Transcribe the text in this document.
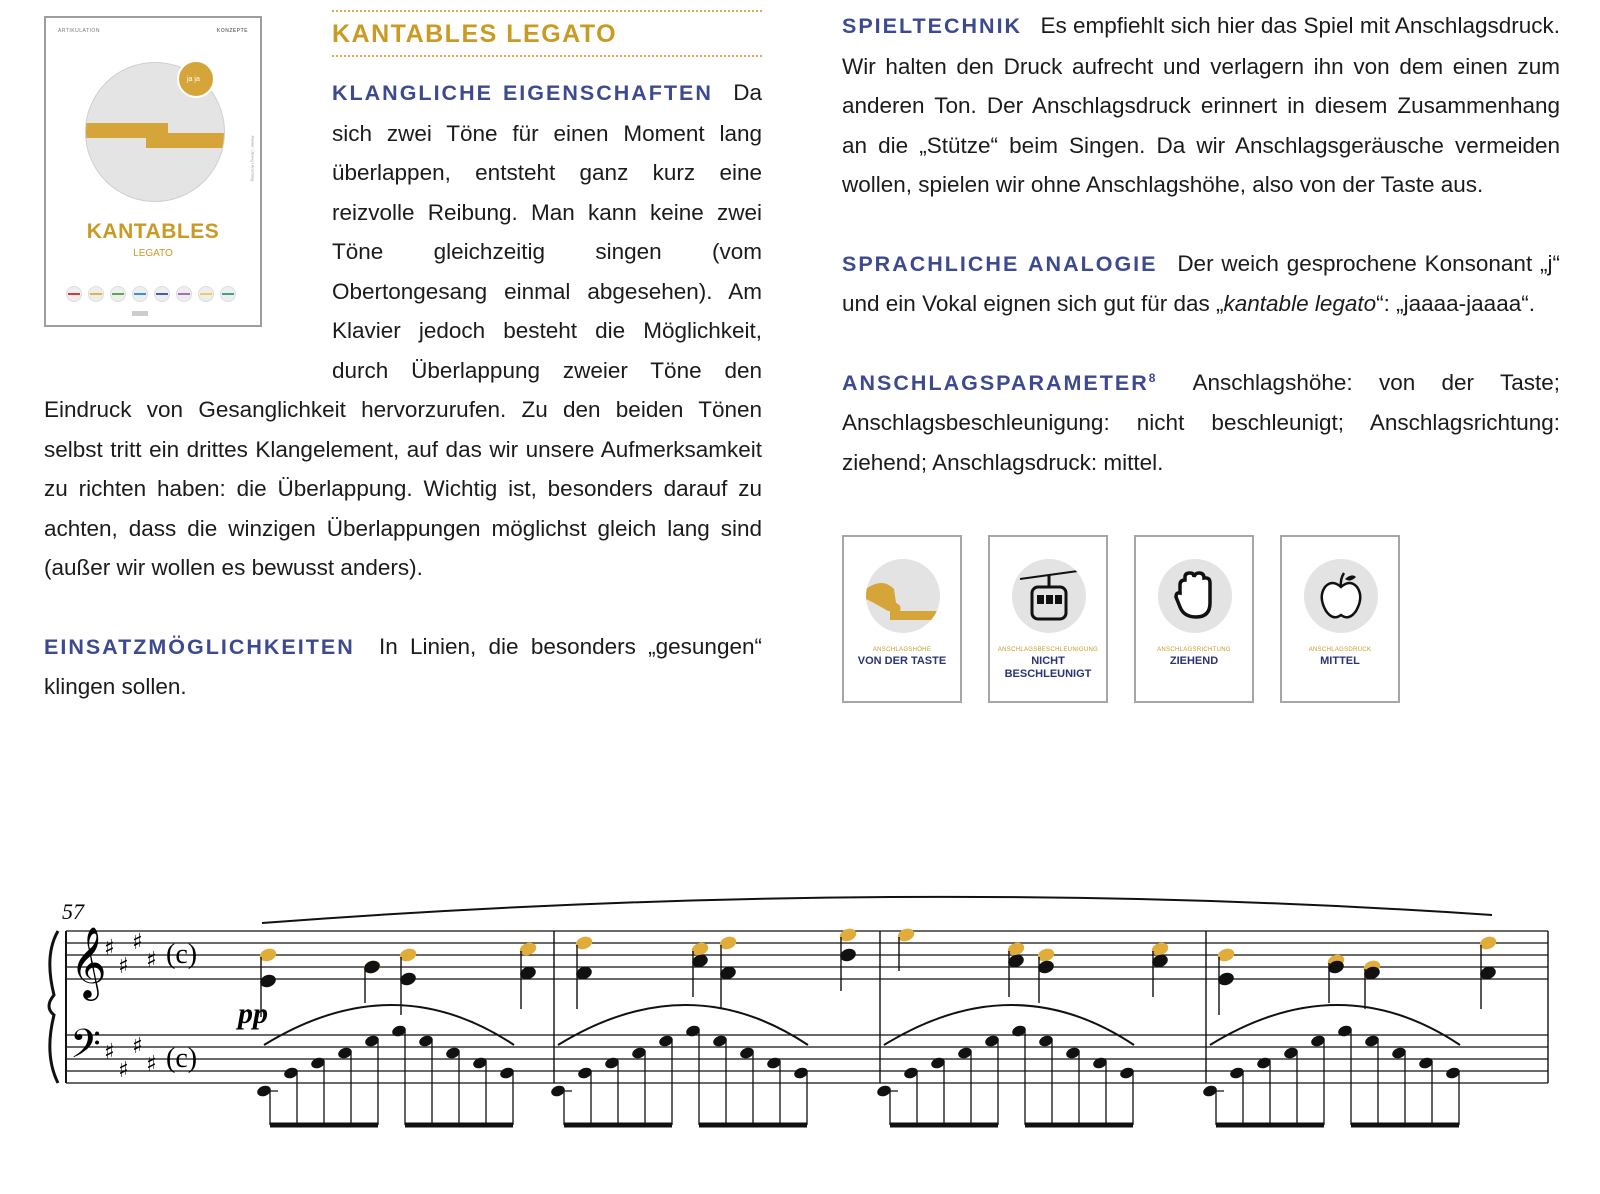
ARTIKULATION	KONZEPTE
ja ja
KANTABLES
LEGATO
Klavier: Übung / Anschlag
KANTABLES LEGATO

KLANGLICHE EIGENSCHAFTEN Da sich zwei Töne für einen Moment lang überlappen, entsteht ganz kurz eine reizvolle Reibung. Man kann keine zwei Töne gleichzeitig singen (vom Obertongesang einmal abgesehen). Am Klavier jedoch besteht die Möglichkeit, durch Überlappung zweier Töne den Eindruck von Gesanglichkeit hervorzurufen. Zu den beiden Tönen selbst tritt ein drittes Klangelement, auf das wir unsere Aufmerksamkeit zu richten haben: die Überlappung. Wichtig ist, besonders darauf zu achten, dass die winzigen Überlappungen möglichst gleich lang sind (außer wir wollen es bewusst anders).

EINSATZMÖGLICHKEITEN In Linien, die besonders „gesungen“ klingen sollen.

SPIELTECHNIK Es empfiehlt sich hier das Spiel mit Anschlagsdruck. Wir halten den Druck aufrecht und verlagern ihn von dem einen zum anderen Ton. Der Anschlagsdruck erinnert in diesem Zusammenhang an die „Stütze“ beim Singen. Da wir Anschlagsgeräusche vermeiden wollen, spielen wir ohne Anschlagshöhe, also von der Taste aus.

SPRACHLICHE ANALOGIE Der weich gesprochene Konsonant „j“ und ein Vokal eignen sich gut für das „kantable legato“: „jaaaa-jaaaa“.

ANSCHLAGSPARAMETER$^8$ Anschlagshöhe: von der Taste; Anschlagsbeschleunigung: nicht beschleunigt; Anschlagsrichtung: ziehend; Anschlagsdruck: mittel.

ANSCHLAGSHÖHE
VON DER TASTE
ANSCHLAGSBESCHLEUNIGUNG
NICHT BESCHLEUNIGT
ANSCHLAGSRICHTUNG
ZIEHEND
ANSCHLAGSDRUCK
MITTEL
57
𝄞
𝄢
♯
♯
♯
♯
♯
♯
♯
♯
(c)
(c)
pp
